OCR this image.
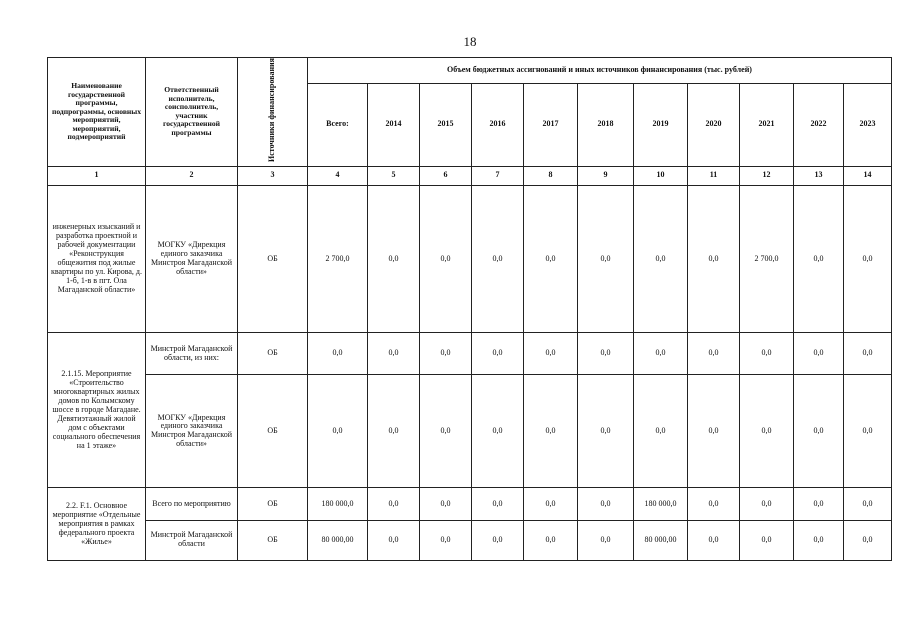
18
Наименование государственной программы, подпрограммы, основных мероприятий, мероприятий, подмероприятий	Ответственный исполнитель, соисполнитель, участник государственной программы	Источники финансирования	Объем бюджетных ассигнований и иных источников финансирования (тыс. рублей)										
			Всего:	2014	2015	2016	2017	2018	2019	2020	2021	2022	2023
1	2	3	4	5	6	7	8	9	10	11	12	13	14
инженерных изысканий и разработка проектной и рабочей документации «Реконструкция общежития под жилые квартиры по ул. Кирова, д. 1-б, 1-в в пгт. Ола Магаданской области»	МОГКУ «Дирекция единого заказчика Минстроя Магаданской области»	ОБ	2 700,0	0,0	0,0	0,0	0,0	0,0	0,0	0,0	2 700,0	0,0	0,0
2.1.15. Мероприятие «Строительство многоквартирных жилых домов по Колымскому шоссе в городе Магадане. Девятиэтажный жилой дом с объектами социального обеспечения на 1 этаже»	Минстрой Магаданской области, из них:	ОБ	0,0	0,0	0,0	0,0	0,0	0,0	0,0	0,0	0,0	0,0	0,0
	МОГКУ «Дирекция единого заказчика Минстроя Магаданской области»	ОБ	0,0	0,0	0,0	0,0	0,0	0,0	0,0	0,0	0,0	0,0	0,0
2.2. F.1. Основное мероприятие «Отдельные мероприятия в рамках федерального проекта «Жилье»	Всего по мероприятию	ОБ	180 000,0	0,0	0,0	0,0	0,0	0,0	180 000,0	0,0	0,0	0,0	0,0
	Минстрой Магаданской области	ОБ	80 000,00	0,0	0,0	0,0	0,0	0,0	80 000,00	0,0	0,0	0,0	0,0
